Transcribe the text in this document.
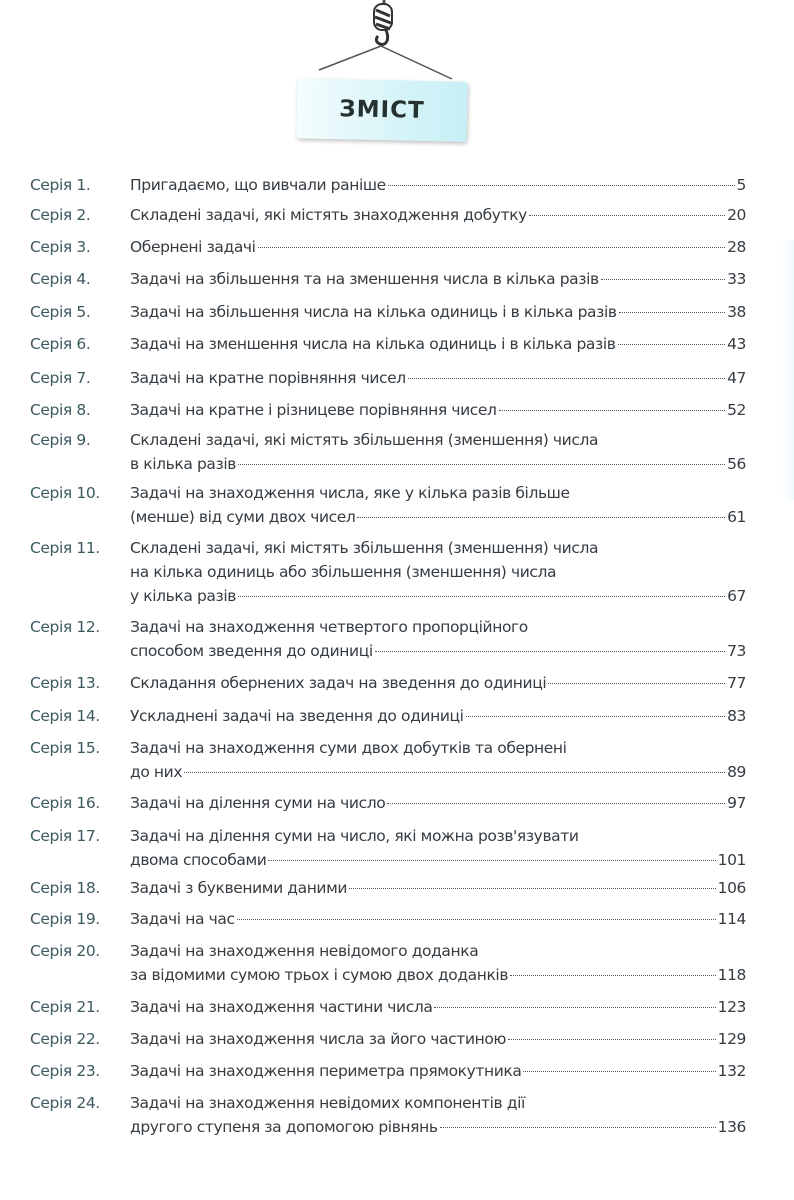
ЗМІСТ
Серія 1.	Пригадаємо, що вивчали раніше	5
Серія 2.	Складені задачі, які містять знаходження добутку	20
Серія 3.	Обернені задачі	28
Серія 4.	Задачі на збільшення та на зменшення числа в кілька разів	33
Серія 5.	Задачі на збільшення числа на кілька одиниць і в кілька разів	38
Серія 6.	Задачі на зменшення числа на кілька одиниць і в кілька разів	43
Серія 7.	Задачі на кратне порівняння чисел	47
Серія 8.	Задачі на кратне і різницеве порівняння чисел	52
Серія 9.	Складені задачі, які містять збільшення (зменшення) числа
в кілька разів	56
Серія 10. Задачі на знаходження числа, яке у кілька разів більше
(менше) від суми двох чисел	61
Серія 11. Складені задачі, які містять збільшення (зменшення) числа
на кілька одиниць або збільшення (зменшення) числа
у кілька разів	67
Серія 12. Задачі на знаходження четвертого пропорційного
способом зведення до одиниці	73
Серія 13. Складання обернених задач на зведення до одиниці	77
Серія 14. Ускладнені задачі на зведення до одиниці	83
Серія 15. Задачі на знаходження суми двох добутків та обернені
до них	89
Серія 16. Задачі на ділення суми на число	97
Серія 17. Задачі на ділення суми на число, які можна розв'язувати
двома способами	101
Серія 18. Задачі з буквеними даними	106
Серія 19. Задачі на час	114
Серія 20. Задачі на знаходження невідомого доданка
за відомими сумою трьох і сумою двох доданків	118
Серія 21. Задачі на знаходження частини числа	123
Серія 22. Задачі на знаходження числа за його частиною	129
Серія 23. Задачі на знаходження периметра прямокутника	132
Серія 24. Задачі на знаходження невідомих компонентів дії
другого ступеня за допомогою рівнянь	136
